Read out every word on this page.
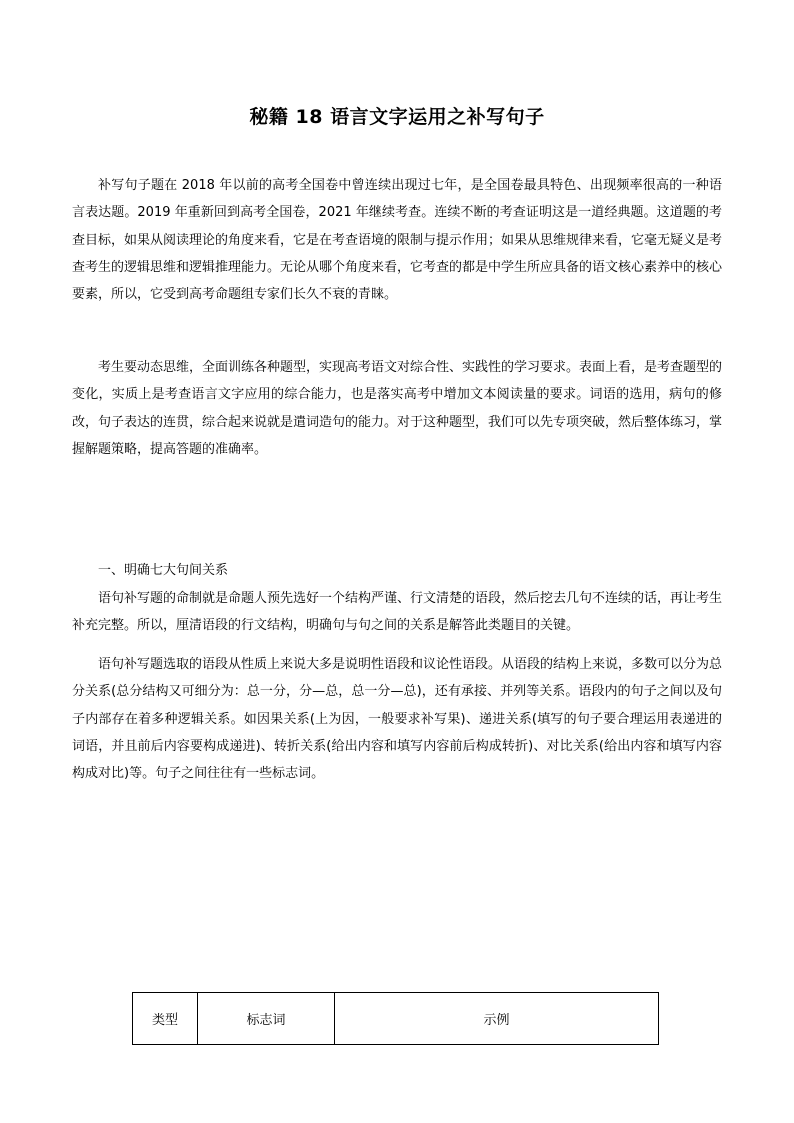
秘籍 18 语言文字运用之补写句子

补写句子题在 2018 年以前的高考全国卷中曾连续出现过七年，是全国卷最具特色、出现频率很高的一种语言表达题。2019 年重新回到高考全国卷，2021 年继续考查。连续不断的考查证明这是一道经典题。这道题的考查目标，如果从阅读理论的角度来看，它是在考查语境的限制与提示作用；如果从思维规律来看，它毫无疑义是考查考生的逻辑思维和逻辑推理能力。无论从哪个角度来看，它考查的都是中学生所应具备的语文核心素养中的核心要素，所以，它受到高考命题组专家们长久不衰的青睐。

考生要动态思维，全面训练各种题型，实现高考语文对综合性、实践性的学习要求。表面上看，是考查题型的变化，实质上是考查语言文字应用的综合能力，也是落实高考中增加文本阅读量的要求。词语的选用，病句的修改，句子表达的连贯，综合起来说就是遣词造句的能力。对于这种题型，我们可以先专项突破，然后整体练习，掌握解题策略，提高答题的准确率。

一、明确七大句间关系

语句补写题的命制就是命题人预先选好一个结构严谨、行文清楚的语段，然后挖去几句不连续的话，再让考生补充完整。所以，厘清语段的行文结构，明确句与句之间的关系是解答此类题目的关键。

语句补写题选取的语段从性质上来说大多是说明性语段和议论性语段。从语段的结构上来说，多数可以分为总分关系(总分结构又可细分为：总一分，分—总，总一分—总)，还有承接、并列等关系。语段内的句子之间以及句子内部存在着多种逻辑关系。如因果关系(上为因，一般要求补写果)、递进关系(填写的句子要合理运用表递进的词语，并且前后内容要构成递进)、转折关系(给出内容和填写内容前后构成转折)、对比关系(给出内容和填写内容构成对比)等。句子之间往往有一些标志词。

类型	标志词	示例
